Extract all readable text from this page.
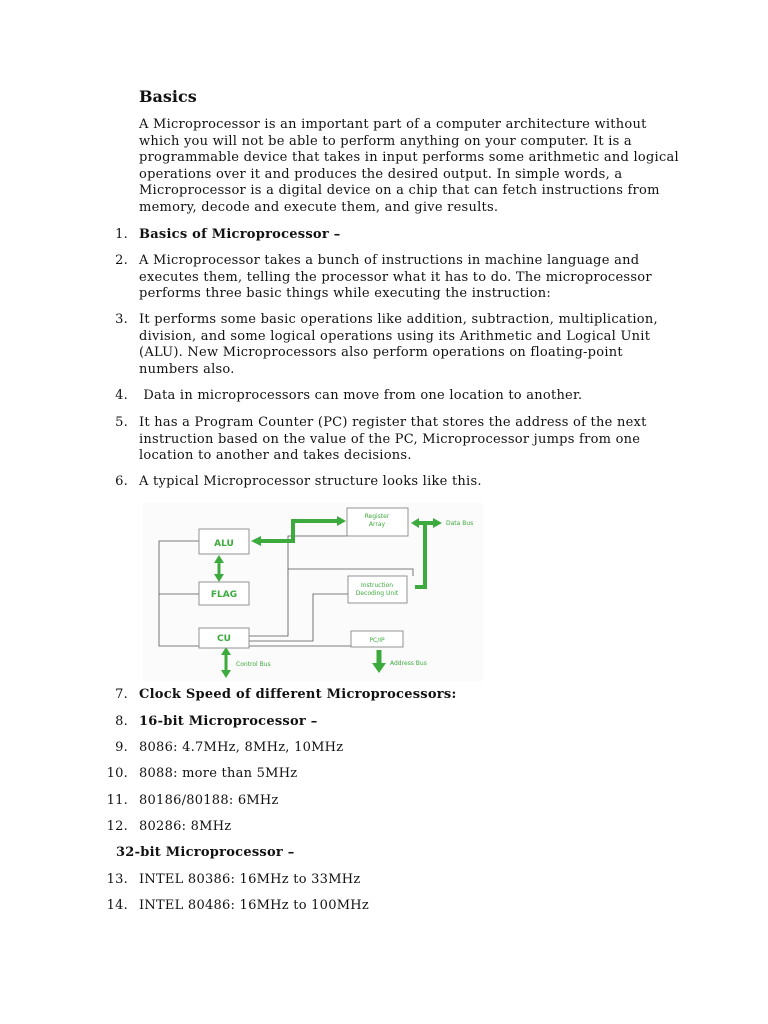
Basics

A Microprocessor is an important part of a computer architecture without which you will not be able to perform anything on your computer. It is a programmable device that takes in input performs some arithmetic and logical operations over it and produces the desired output. In simple words, a Microprocessor is a digital device on a chip that can fetch instructions from memory, decode and execute them, and give results.

1. Basics of Microprocessor –
2. A Microprocessor takes a bunch of instructions in machine language and executes them, telling the processor what it has to do. The microprocessor performs three basic things while executing the instruction:
3. It performs some basic operations like addition, subtraction, multiplication, division, and some logical operations using its Arithmetic and Logical Unit (ALU). New Microprocessors also perform operations on floating-point numbers also.
4. Data in microprocessors can move from one location to another.
5. It has a Program Counter (PC) register that stores the address of the next instruction based on the value of the PC, Microprocessor jumps from one location to another and takes decisions.
6. A typical Microprocessor structure looks like this.
ALU
FLAG
CU
Register
Array
Instruction
Decoding Unit
PC/IP
Data Bus
Control Bus	Address Bus
7. Clock Speed of different Microprocessors:
8. 16-bit Microprocessor –
9. 8086: 4.7MHz, 8MHz, 10MHz
10. 8088: more than 5MHz
11. 80186/80188: 6MHz
12. 80286: 8MHz
32-bit Microprocessor –
13. INTEL 80386: 16MHz to 33MHz
14. INTEL 80486: 16MHz to 100MHz
